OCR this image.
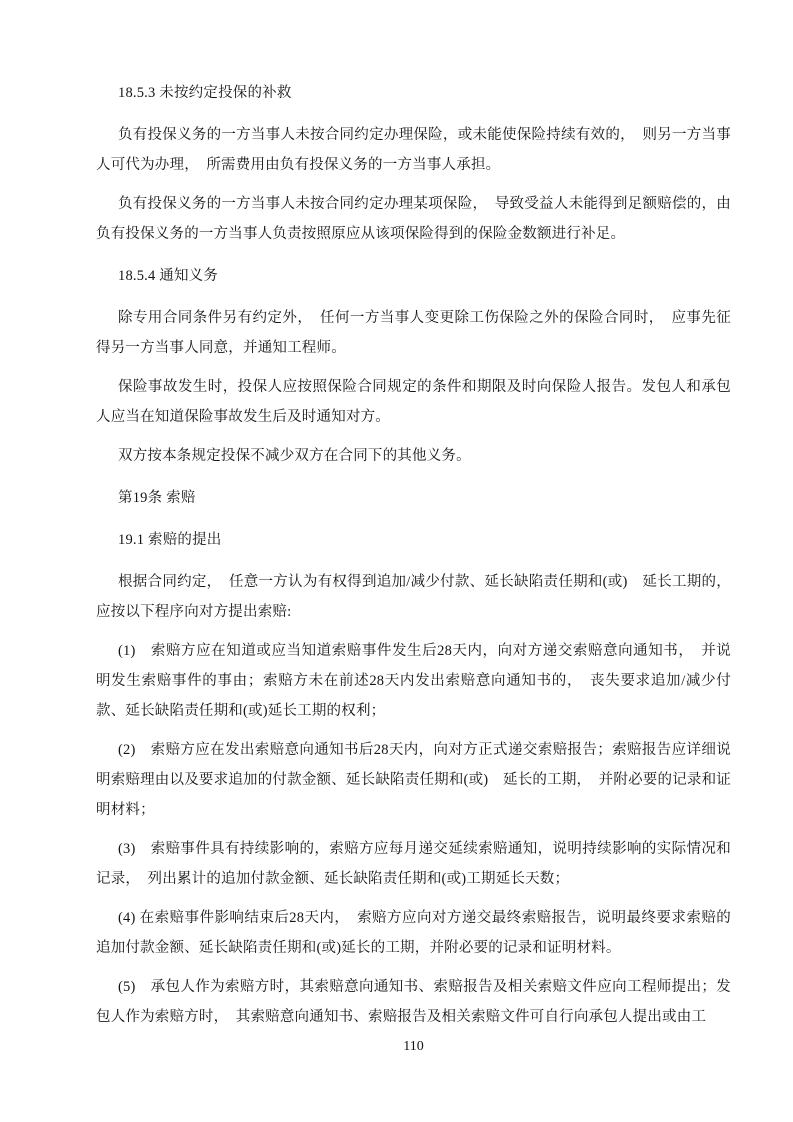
18.5.3 未按约定投保的补救

负有投保义务的一方当事人未按合同约定办理保险，或未能使保险持续有效的，　则另一方当事人可代为办理，　所需费用由负有投保义务的一方当事人承担。

负有投保义务的一方当事人未按合同约定办理某项保险，　导致受益人未能得到足额赔偿的，由负有投保义务的一方当事人负责按照原应从该项保险得到的保险金数额进行补足。

18.5.4 通知义务

除专用合同条件另有约定外，　任何一方当事人变更除工伤保险之外的保险合同时，　应事先征得另一方当事人同意，并通知工程师。

保险事故发生时，投保人应按照保险合同规定的条件和期限及时向保险人报告。发包人和承包人应当在知道保险事故发生后及时通知对方。

双方按本条规定投保不减少双方在合同下的其他义务。

第19条 索赔

19.1 索赔的提出

根据合同约定，　任意一方认为有权得到追加/减少付款、延长缺陷责任期和(或)　延长工期的，应按以下程序向对方提出索赔:

(1)　索赔方应在知道或应当知道索赔事件发生后28天内，向对方递交索赔意向通知书，　并说明发生索赔事件的事由；索赔方未在前述28天内发出索赔意向通知书的，　丧失要求追加/减少付款、延长缺陷责任期和(或)延长工期的权利；

(2)　索赔方应在发出索赔意向通知书后28天内，向对方正式递交索赔报告；索赔报告应详细说明索赔理由以及要求追加的付款金额、延长缺陷责任期和(或)　延长的工期，　并附必要的记录和证明材料；

(3)　索赔事件具有持续影响的，索赔方应每月递交延续索赔通知，说明持续影响的实际情况和记录，　列出累计的追加付款金额、延长缺陷责任期和(或)工期延长天数；

(4) 在索赔事件影响结束后28天内，　索赔方应向对方递交最终索赔报告，说明最终要求索赔的追加付款金额、延长缺陷责任期和(或)延长的工期，并附必要的记录和证明材料。

(5)　承包人作为索赔方时，其索赔意向通知书、索赔报告及相关索赔文件应向工程师提出；发包人作为索赔方时，　其索赔意向通知书、索赔报告及相关索赔文件可自行向承包人提出或由工

110
